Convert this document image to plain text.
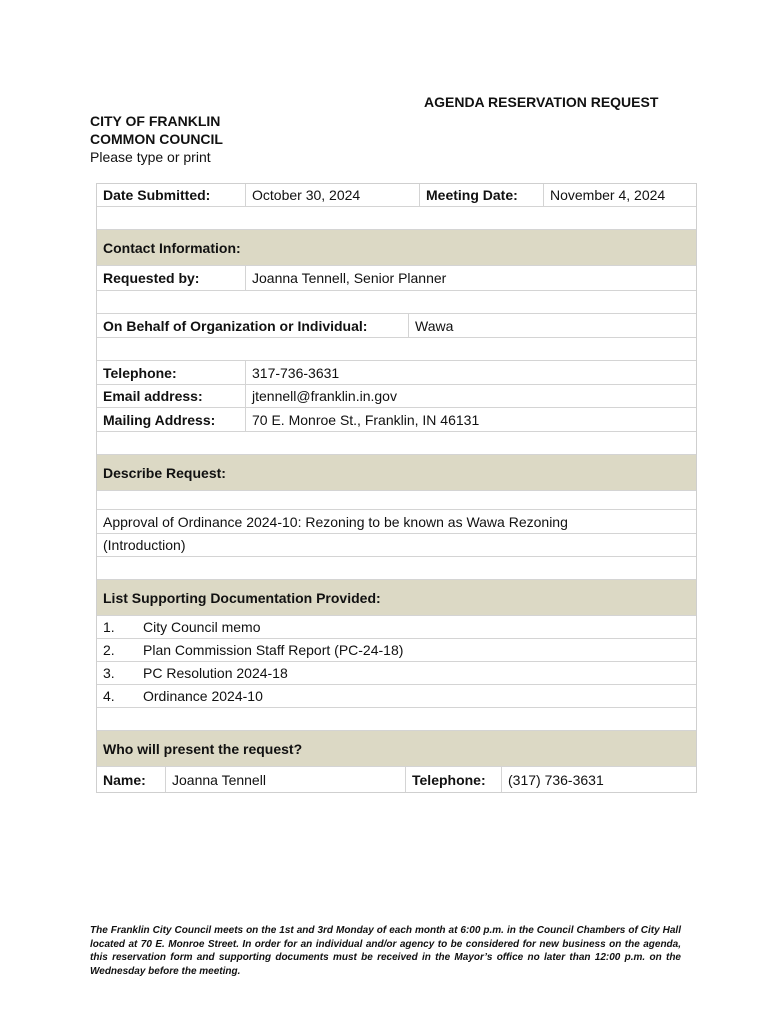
AGENDA RESERVATION REQUEST
CITY OF FRANKLIN
COMMON COUNCIL
Please type or print
Date Submitted:	October 30, 2024	Meeting Date:	November 4, 2024
Contact Information:
Requested by:	Joanna Tennell, Senior Planner
On Behalf of Organization or Individual:	Wawa
Telephone:	317-736-3631
Email address:	jtennell@franklin.in.gov
Mailing Address:	70 E. Monroe St., Franklin, IN 46131
Describe Request:
Approval of Ordinance 2024-10: Rezoning to be known as Wawa Rezoning
(Introduction)
List Supporting Documentation Provided:
1.	City Council memo
2.	Plan Commission Staff Report (PC-24-18)
3.	PC Resolution 2024-18
4.	Ordinance 2024-10
Who will present the request?
Name:	Joanna Tennell	Telephone:	(317) 736-3631
The Franklin City Council meets on the 1st and 3rd Monday of each month at 6:00 p.m. in the Council Chambers of City Hall located at 70 E. Monroe Street. In order for an individual and/or agency to be considered for new business on the agenda, this reservation form and supporting documents must be received in the Mayor’s office no later than 12:00 p.m. on the Wednesday before the meeting.
